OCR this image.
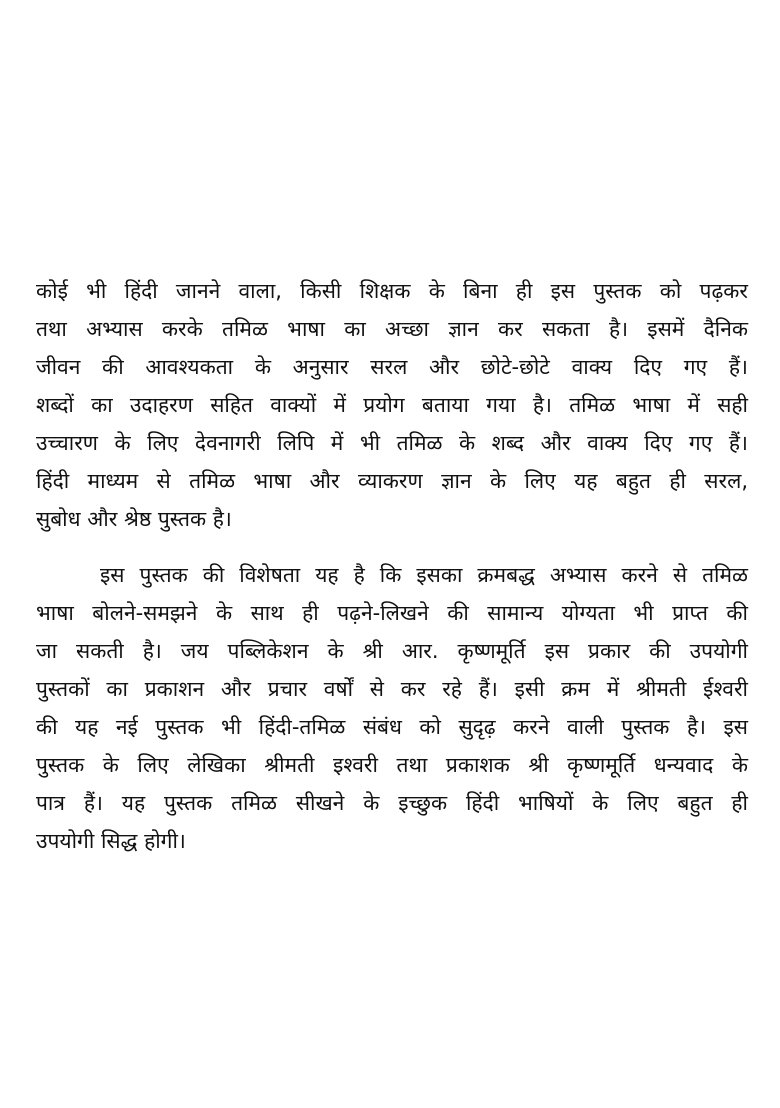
कोई भी हिंदी जानने वाला, किसी शिक्षक के बिना ही इस पुस्तक को पढ़कर
तथा अभ्यास करके तमिळ भाषा का अच्छा ज्ञान कर सकता है। इसमें दैनिक
जीवन की आवश्यकता के अनुसार सरल और छोटे-छोटे वाक्य दिए गए हैं।
शब्दों का उदाहरण सहित वाक्यों में प्रयोग बताया गया है। तमिळ भाषा में सही
उच्चारण के लिए देवनागरी लिपि में भी तमिळ के शब्द और वाक्य दिए गए हैं।
हिंदी माध्यम से तमिळ भाषा और व्याकरण ज्ञान के लिए यह बहुत ही सरल,
सुबोध और श्रेष्ठ पुस्तक है।
इस पुस्तक की विशेषता यह है कि इसका क्रमबद्ध अभ्यास करने से तमिळ
भाषा बोलने-समझने के साथ ही पढ़ने-लिखने की सामान्य योग्यता भी प्राप्त की
जा सकती है। जय पब्लिकेशन के श्री आर. कृष्णमूर्ति इस प्रकार की उपयोगी
पुस्तकों का प्रकाशन और प्रचार वर्षों से कर रहे हैं। इसी क्रम में श्रीमती ईश्वरी
की यह नई पुस्तक भी हिंदी-तमिळ संबंध को सुदृढ़ करने वाली पुस्तक है। इस
पुस्तक के लिए लेखिका श्रीमती इश्वरी तथा प्रकाशक श्री कृष्णमूर्ति धन्यवाद के
पात्र हैं। यह पुस्तक तमिळ सीखने के इच्छुक हिंदी भाषियों के लिए बहुत ही
उपयोगी सिद्ध होगी।
